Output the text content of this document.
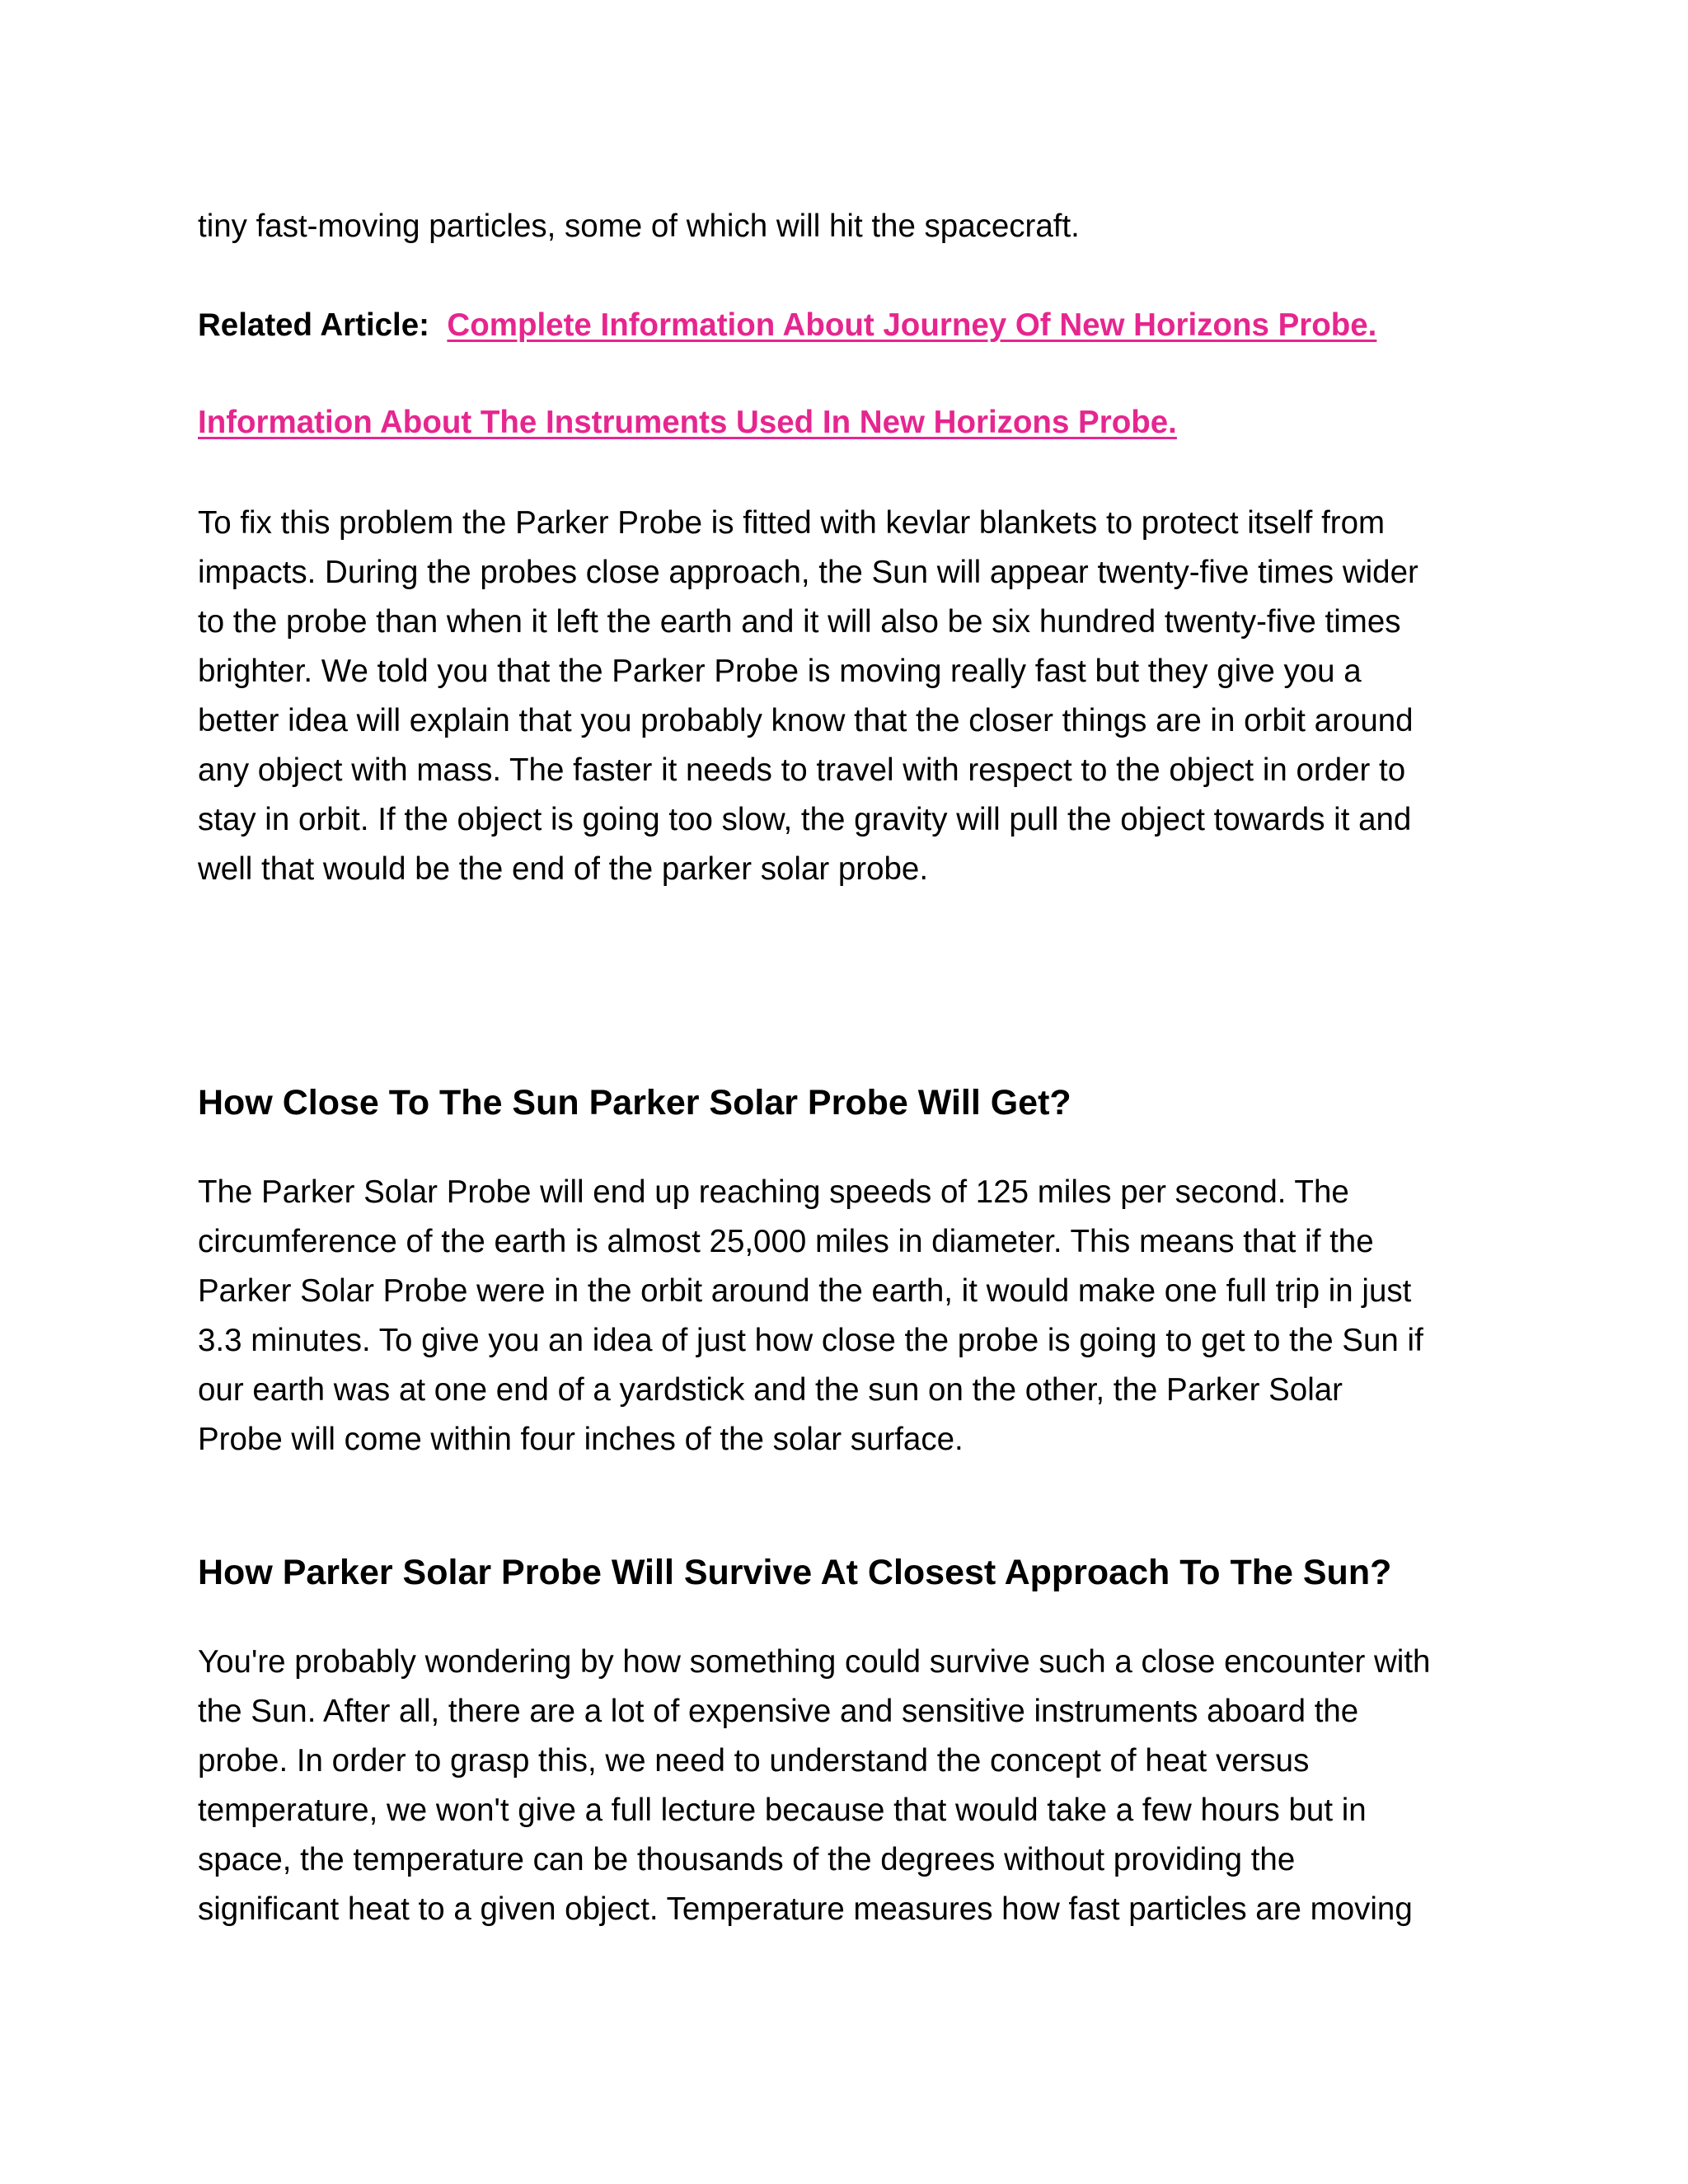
tiny fast-moving particles, some of which will hit the spacecraft.
Related Article: Complete Information About Journey Of New Horizons Probe.
Information About The Instruments Used In New Horizons Probe.
To fix this problem the Parker Probe is fitted with kevlar blankets to protect itself from
impacts. During the probes close approach, the Sun will appear twenty-five times wider
to the probe than when it left the earth and it will also be six hundred twenty-five times
brighter. We told you that the Parker Probe is moving really fast but they give you a
better idea will explain that you probably know that the closer things are in orbit around
any object with mass. The faster it needs to travel with respect to the object in order to
stay in orbit. If the object is going too slow, the gravity will pull the object towards it and
well that would be the end of the parker solar probe.
How Close To The Sun Parker Solar Probe Will Get?
The Parker Solar Probe will end up reaching speeds of 125 miles per second. The
circumference of the earth is almost 25,000 miles in diameter. This means that if the
Parker Solar Probe were in the orbit around the earth, it would make one full trip in just
3.3 minutes. To give you an idea of just how close the probe is going to get to the Sun if
our earth was at one end of a yardstick and the sun on the other, the Parker Solar
Probe will come within four inches of the solar surface.
How Parker Solar Probe Will Survive At Closest Approach To The Sun?
You're probably wondering by how something could survive such a close encounter with
the Sun. After all, there are a lot of expensive and sensitive instruments aboard the
probe. In order to grasp this, we need to understand the concept of heat versus
temperature, we won't give a full lecture because that would take a few hours but in
space, the temperature can be thousands of the degrees without providing the
significant heat to a given object. Temperature measures how fast particles are moving
